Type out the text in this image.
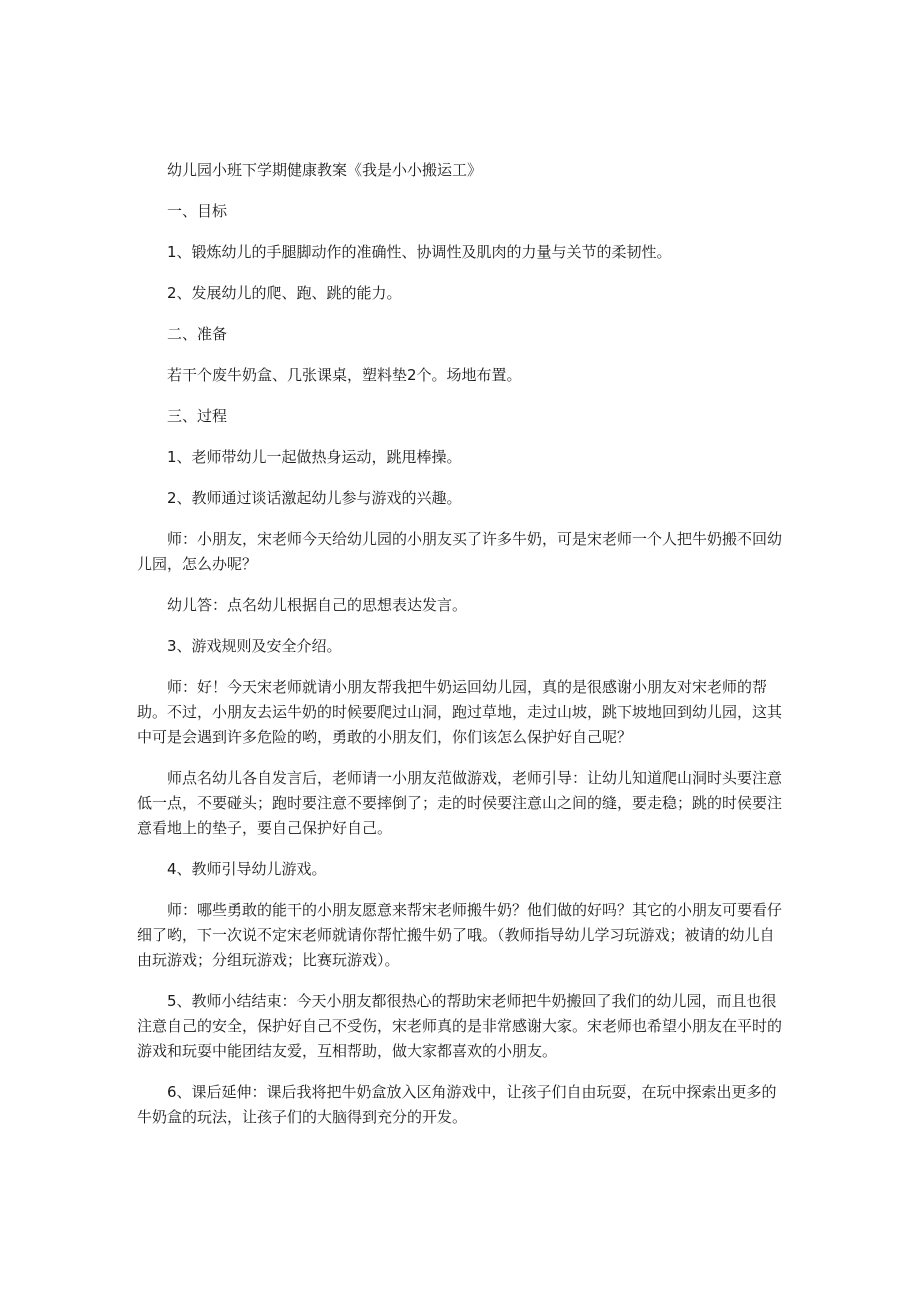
幼儿园小班下学期健康教案《我是小小搬运工》

一、目标

1、锻炼幼儿的手腿脚动作的准确性、协调性及肌肉的力量与关节的柔韧性。

2、发展幼儿的爬、跑、跳的能力。

二、准备

若干个废牛奶盒、几张课桌，塑料垫2个。场地布置。

三、过程

1、老师带幼儿一起做热身运动，跳甩棒操。

2、教师通过谈话激起幼儿参与游戏的兴趣。

师：小朋友，宋老师今天给幼儿园的小朋友买了许多牛奶，可是宋老师一个人把牛奶搬不回幼儿园，怎么办呢？

幼儿答：点名幼儿根据自己的思想表达发言。

3、游戏规则及安全介绍。

师：好！今天宋老师就请小朋友帮我把牛奶运回幼儿园，真的是很感谢小朋友对宋老师的帮助。不过，小朋友去运牛奶的时候要爬过山洞，跑过草地，走过山坡，跳下坡地回到幼儿园，这其中可是会遇到许多危险的哟，勇敢的小朋友们，你们该怎么保护好自己呢？

师点名幼儿各自发言后，老师请一小朋友范做游戏，老师引导：让幼儿知道爬山洞时头要注意低一点，不要碰头；跑时要注意不要摔倒了；走的时侯要注意山之间的缝，要走稳；跳的时侯要注意看地上的垫子，要自己保护好自己。

4、教师引导幼儿游戏。

师：哪些勇敢的能干的小朋友愿意来帮宋老师搬牛奶？他们做的好吗？其它的小朋友可要看仔细了哟，下一次说不定宋老师就请你帮忙搬牛奶了哦。（教师指导幼儿学习玩游戏；被请的幼儿自由玩游戏；分组玩游戏；比赛玩游戏）。

5、教师小结结束：今天小朋友都很热心的帮助宋老师把牛奶搬回了我们的幼儿园，而且也很注意自己的安全，保护好自己不受伤，宋老师真的是非常感谢大家。宋老师也希望小朋友在平时的游戏和玩耍中能团结友爱，互相帮助，做大家都喜欢的小朋友。

6、课后延伸：课后我将把牛奶盒放入区角游戏中，让孩子们自由玩耍，在玩中探索出更多的牛奶盒的玩法，让孩子们的大脑得到充分的开发。
